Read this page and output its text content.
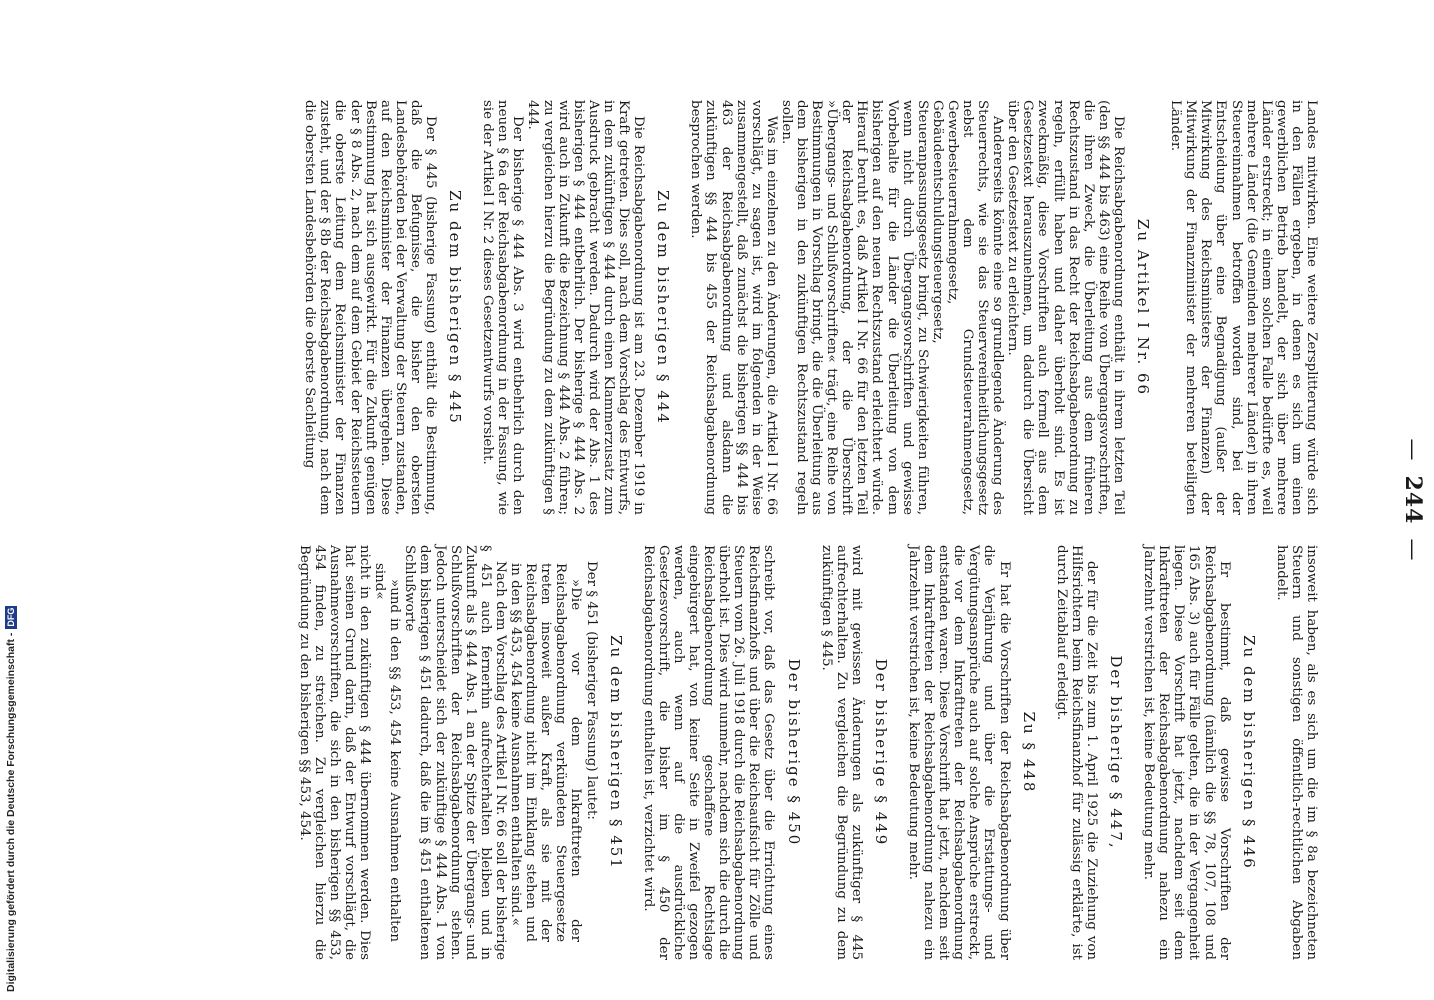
—244—

Landes mitwirken. Eine weitere Zersplitterung würde sich in den Fällen ergeben, in denen es sich um einen gewerblichen Betrieb handelt, der sich über mehrere Länder erstreckt; in einem solchen Falle bedürfte es, weil mehrere Länder (die Gemeinden mehrerer Länder) in ihren Steuereinnahmen betroffen worden sind, bei der Entscheidung über eine Begnadigung (außer der Mitwirkung des Reichsministers der Finanzen) der Mitwirkung der Finanzminister der mehreren beteiligten Länder.

Zu Artikel I Nr. 66

Die Reichsabgabenordnung enthält in ihrem letzten Teil (den §§ 444 bis 463) eine Reihe von Übergangsvorschriften, die ihren Zweck, die Überleitung aus dem früheren Rechtszustand in das Recht der Reichsabgabenordnung zu regeln, erfüllt haben und daher überholt sind. Es ist zweckmäßig, diese Vorschriften auch formell aus dem Gesetzestext herauszunehmen, um dadurch die Übersicht über den Gesetzestext zu erleichtern.

Andererseits könnte eine so grundlegende Änderung des Steuerrechts, wie sie das Steuervereinheitlichungsgesetz nebst dem Grundsteuerrahmengesetz, Gewerbesteuerrahmengesetz, Gebäudeentschuldungsteuergesetz, Steueranpassungsgesetz bringt, zu Schwierigkeiten führen, wenn nicht durch Übergangsvorschriften und gewisse Vorbehalte für die Länder die Überleitung von dem bisherigen auf den neuen Rechtszustand erleichtert würde. Hierauf beruht es, daß Artikel I Nr. 66 für den letzten Teil der Reichsabgabenordnung, der die Überschrift »Übergangs- und Schlußvorschriften« trägt, eine Reihe von Bestimmungen in Vorschlag bringt, die die Überleitung aus dem bisherigen in den zukünftigen Rechtszustand regeln sollen.

Was im einzelnen zu den Änderungen, die Artikel I Nr. 66 vorschlägt, zu sagen ist, wird im folgenden in der Weise zusammengestellt, daß zunächst die bisherigen §§ 444 bis 463 der Reichsabgabenordnung und alsdann die zukünftigen §§ 444 bis 455 der Reichsabgabenordnung besprochen werden.

Zu dem bisherigen § 444

Die Reichsabgabenordnung ist am 23. Dezember 1919 in Kraft getreten. Dies soll, nach dem Vorschlag des Entwurfs, in dem zukünftigen § 444 durch einen Klammerzusatz zum Ausdruck gebracht werden. Dadurch wird der Abs. 1 des bisherigen § 444 entbehrlich. Der bisherige § 444 Abs. 2 wird auch in Zukunft die Bezeichnung § 444 Abs. 2 führen; zu vergleichen hierzu die Begründung zu dem zukünftigen § 444.

Der bisherige § 444 Abs. 3 wird entbehrlich durch den neuen § 6a der Reichsabgabenordnung in der Fassung, wie sie der Artikel I Nr. 2 dieses Gesetzentwurfs vorsieht.

Zu dem bisherigen § 445

Der § 445 (bisherige Fassung) enthält die Bestimmung, daß die Befugnisse, die bisher den obersten Landesbehörden bei der Verwaltung der Steuern zustanden, auf den Reichsminister der Finanzen übergehen. Diese Bestimmung hat sich ausgewirkt. Für die Zukunft genügen der § 8 Abs. 2, nach dem auf dem Gebiet der Reichssteuern die oberste Leitung dem Reichsminister der Finanzen zusteht, und der § 8b der Reichsabgabenordnung, nach dem die obersten Landesbehörden die oberste Sachleitung

insoweit haben, als es sich um die im § 8a bezeichneten Steuern und sonstigen öffentlich-rechtlichen Abgaben handelt.

Zu dem bisherigen § 446

Er bestimmt, daß gewisse Vorschriften der Reichsabgabenordnung (nämlich die §§ 78, 107, 108 und 165 Abs. 3) auch für Fälle gelten, die in der Vergangenheit liegen. Diese Vorschrift hat jetzt, nachdem seit dem Inkrafttreten der Reichsabgabenordnung nahezu ein Jahrzehnt verstrichen ist, keine Bedeutung mehr.

Der bisherige § 447,

der für die Zeit bis zum 1. April 1925 die Zuziehung von Hilfsrichtern beim Reichsfinanzhof für zulässig erklärte, ist durch Zeitablauf erledigt.

Zu § 448

Er hat die Vorschriften der Reichsabgabenordnung über die Verjährung und über die Erstattungs- und Vergütungsansprüche auch auf solche Ansprüche erstreckt, die vor dem Inkrafttreten der Reichsabgabenordnung entstanden waren. Diese Vorschrift hat jetzt, nachdem seit dem Inkrafttreten der Reichsabgabenordnung nahezu ein Jahrzehnt verstrichen ist, keine Bedeutung mehr.

Der bisherige § 449

wird mit gewissen Änderungen als zukünftiger § 445 aufrechterhalten. Zu vergleichen die Begründung zu dem zukünftigen § 445.

Der bisherige § 450

schreibt vor, daß das Gesetz über die Errichtung eines Reichsfinanzhofs und über die Reichsaufsicht für Zölle und Steuern vom 26. Juli 1918 durch die Reichsabgabenordnung überholt ist. Dies wird nunmehr, nachdem sich die durch die Reichsabgabenordnung geschaffene Rechtslage eingebürgert hat, von keiner Seite in Zweifel gezogen werden, auch wenn auf die ausdrückliche Gesetzesvorschrift, die bisher im § 450 der Reichsabgabenordnung enthalten ist, verzichtet wird.

Zu dem bisherigen § 451

Der § 451 (bisheriger Fassung) lautet:

»Die vor dem Inkrafttreten der Reichsabgabenordnung verkündeten Steuergesetze treten insoweit außer Kraft, als sie mit der Reichsabgabenordnung nicht im Einklang stehen und in den §§ 453, 454 keine Ausnahmen enthalten sind.«

Nach dem Vorschlag des Artikel I Nr. 66 soll der bisherige § 451 auch fernerhin aufrechterhalten bleiben und in Zukunft als § 444 Abs. 1 an der Spitze der Übergangs- und Schlußvorschriften der Reichsabgabenordnung stehen. Jedoch unterscheidet sich der zukünftige § 444 Abs. 1 von dem bisherigen § 451 dadurch, daß die im § 451 enthaltenen Schlußworte

»und in den §§ 453, 454 keine Ausnahmen enthalten sind«

nicht in den zukünftigen § 444 übernommen werden. Dies hat seinen Grund darin, daß der Entwurf vorschlägt, die Ausnahmevorschriften, die sich in den bisherigen §§ 453, 454 finden, zu streichen. Zu vergleichen hierzu die Begründung zu den bisherigen §§ 453, 454.

Digitalisierung gefördert durch die Deutsche Forschungsgemeinschaft -DFG
